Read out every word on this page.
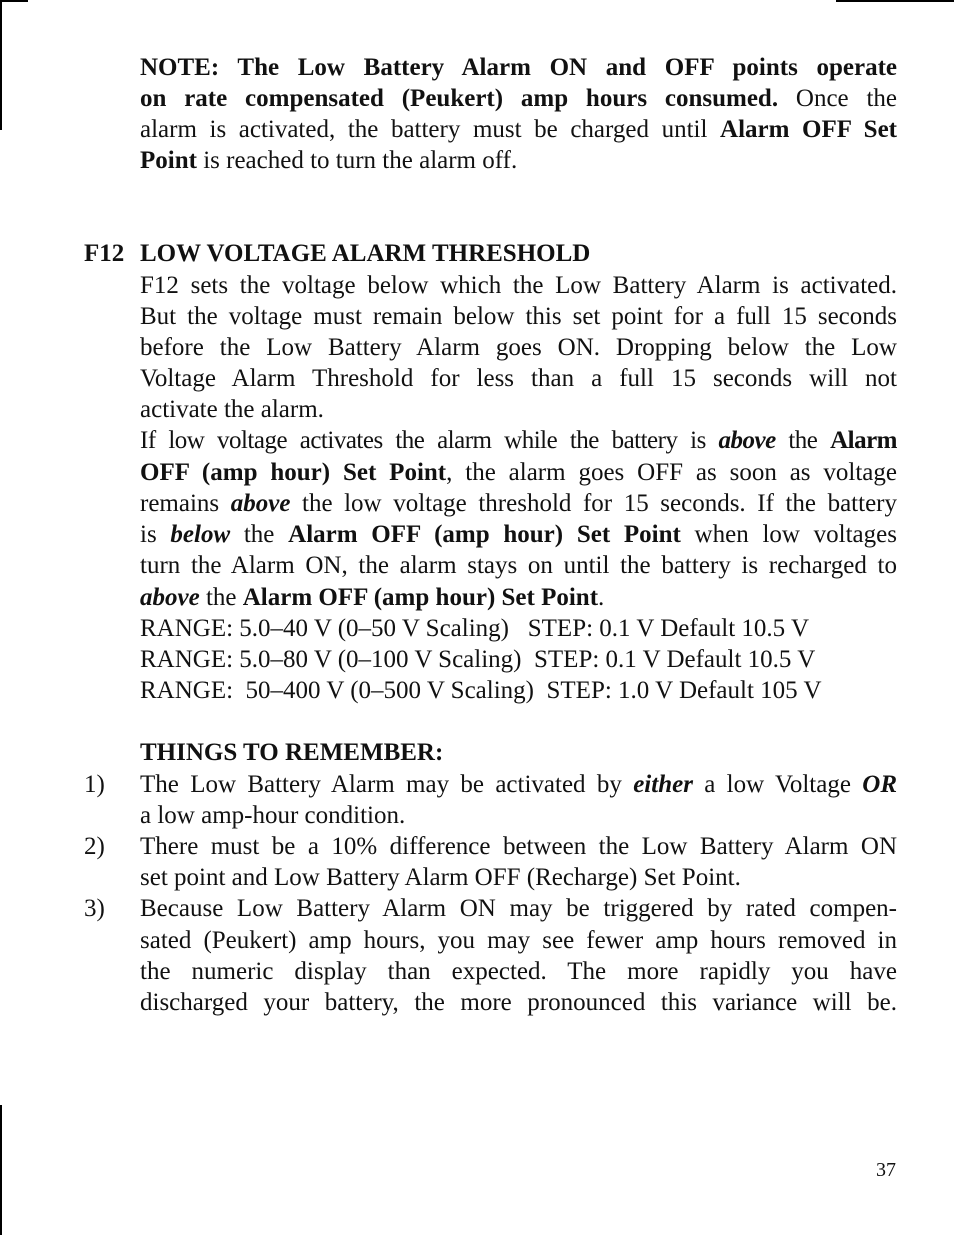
NOTE: The Low Battery Alarm ON and OFF points operate
on rate compensated (Peukert) amp hours consumed. Once the
alarm is activated, the battery must be charged until Alarm OFF Set
Point is reached to turn the alarm off.
F12 LOW VOLTAGE ALARM THRESHOLD
F12 sets the voltage below which the Low Battery Alarm is activated.
But the voltage must remain below this set point for a full 15 seconds
before the Low Battery Alarm goes ON. Dropping below the Low
Voltage Alarm Threshold for less than a full 15 seconds will not
activate the alarm.
If low voltage activates the alarm while the battery is above the Alarm
OFF (amp hour) Set Point, the alarm goes OFF as soon as voltage
remains above the low voltage threshold for 15 seconds. If the battery
is below the Alarm OFF (amp hour) Set Point when low voltages
turn the Alarm ON, the alarm stays on until the battery is recharged to
above the Alarm OFF (amp hour) Set Point.
RANGE: 5.0–40 V (0–50 V Scaling)   STEP: 0.1 V Default 10.5 V
RANGE: 5.0–80 V (0–100 V Scaling)  STEP: 0.1 V Default 10.5 V
RANGE:  50–400 V (0–500 V Scaling)  STEP: 1.0 V Default 105 V
THINGS TO REMEMBER:
1) The Low Battery Alarm may be activated by either a low Voltage OR
a low amp-hour condition.
2) There must be a 10% difference between the Low Battery Alarm ON
set point and Low Battery Alarm OFF (Recharge) Set Point.
3) Because Low Battery Alarm ON may be triggered by rated compen-
sated (Peukert) amp hours, you may see fewer amp hours removed in
the numeric display than expected. The more rapidly you have
discharged your battery, the more pronounced this variance will be.
37
